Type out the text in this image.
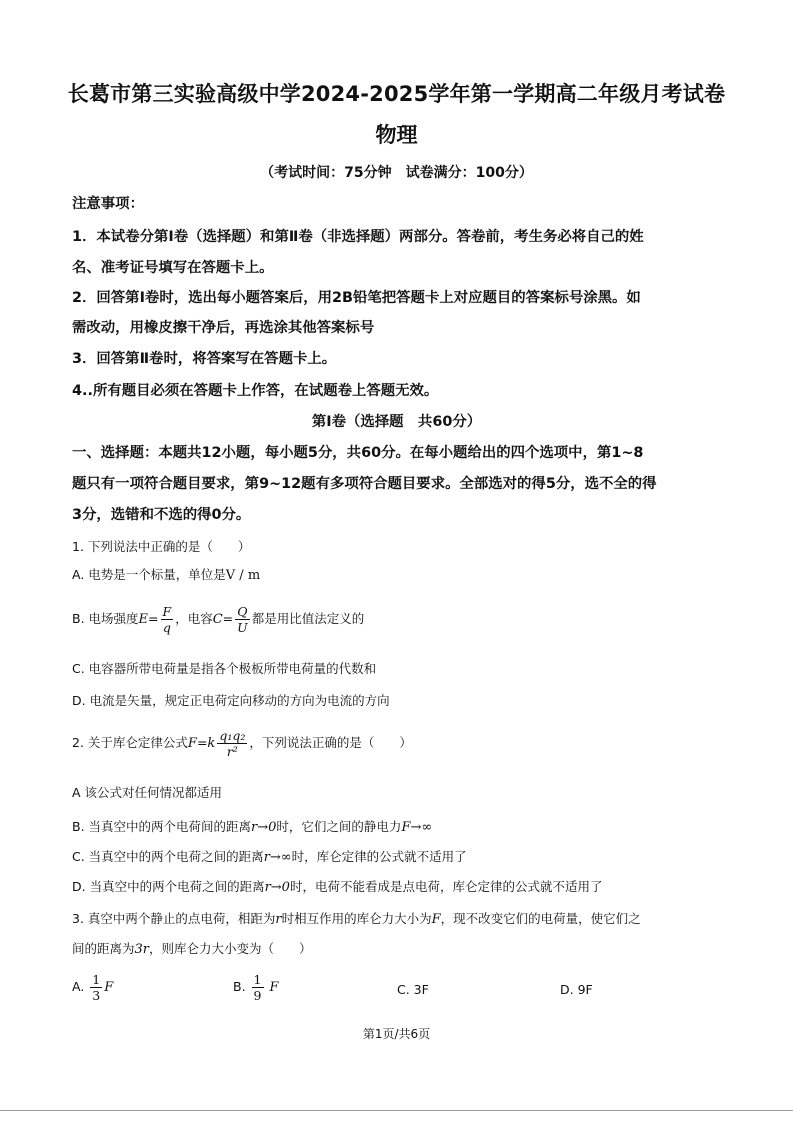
长葛市第三实验高级中学2024-2025学年第一学期高二年级月考试卷
物理
（考试时间：75分钟　试卷满分：100分）
注意事项：
1．本试卷分第Ⅰ卷（选择题）和第Ⅱ卷（非选择题）两部分。答卷前，考生务必将自己的姓
名、准考证号填写在答题卡上。
2．回答第Ⅰ卷时，选出每小题答案后，用2B铅笔把答题卡上对应题目的答案标号涂黑。如
需改动，用橡皮擦干净后，再选涂其他答案标号
3．回答第Ⅱ卷时，将答案写在答题卡上。
4..所有题目必须在答题卡上作答，在试题卷上答题无效。
第Ⅰ卷（选择题　共60分）
一、选择题：本题共12小题，每小题5分，共60分。在每小题给出的四个选项中，第1~8
题只有一项符合题目要求，第9~12题有多项符合题目要求。全部选对的得5分，选不全的得
3分，选错和不选的得0分。
1. 下列说法中正确的是（　　）
A. 电势是一个标量，单位是V / m
B. 电场强度$E= \frac{F}{q}$ ，电容$C= \frac{Q}{U}$ 都是用比值法定义的
C. 电容器所带电荷量是指各个极板所带电荷量的代数和
D. 电流是矢量，规定正电荷定向移动的方向为电流的方向
2. 关于库仑定律公式$F=k \frac{\text{q₁q₂}}{\text{r²}}$ ，下列说法正确的是（　　）
A 该公式对任何情况都适用
B. 当真空中的两个电荷间的距离r→0时，它们之间的静电力F→∞
C. 当真空中的两个电荷之间的距离r→∞时，库仑定律的公式就不适用了
D. 当真空中的两个电荷之间的距离r→0时，电荷不能看成是点电荷，库仑定律的公式就不适用了
3. 真空中两个静止的点电荷，相距为r时相互作用的库仑力大小为F，现不改变它们的电荷量，使它们之
间的距离为3r，则库仑力大小变为（　　）
A. $\frac{1}{3}$ F	B. $\frac{1}{9}$ F	C. 3F	D. 9F
第1页/共6页
